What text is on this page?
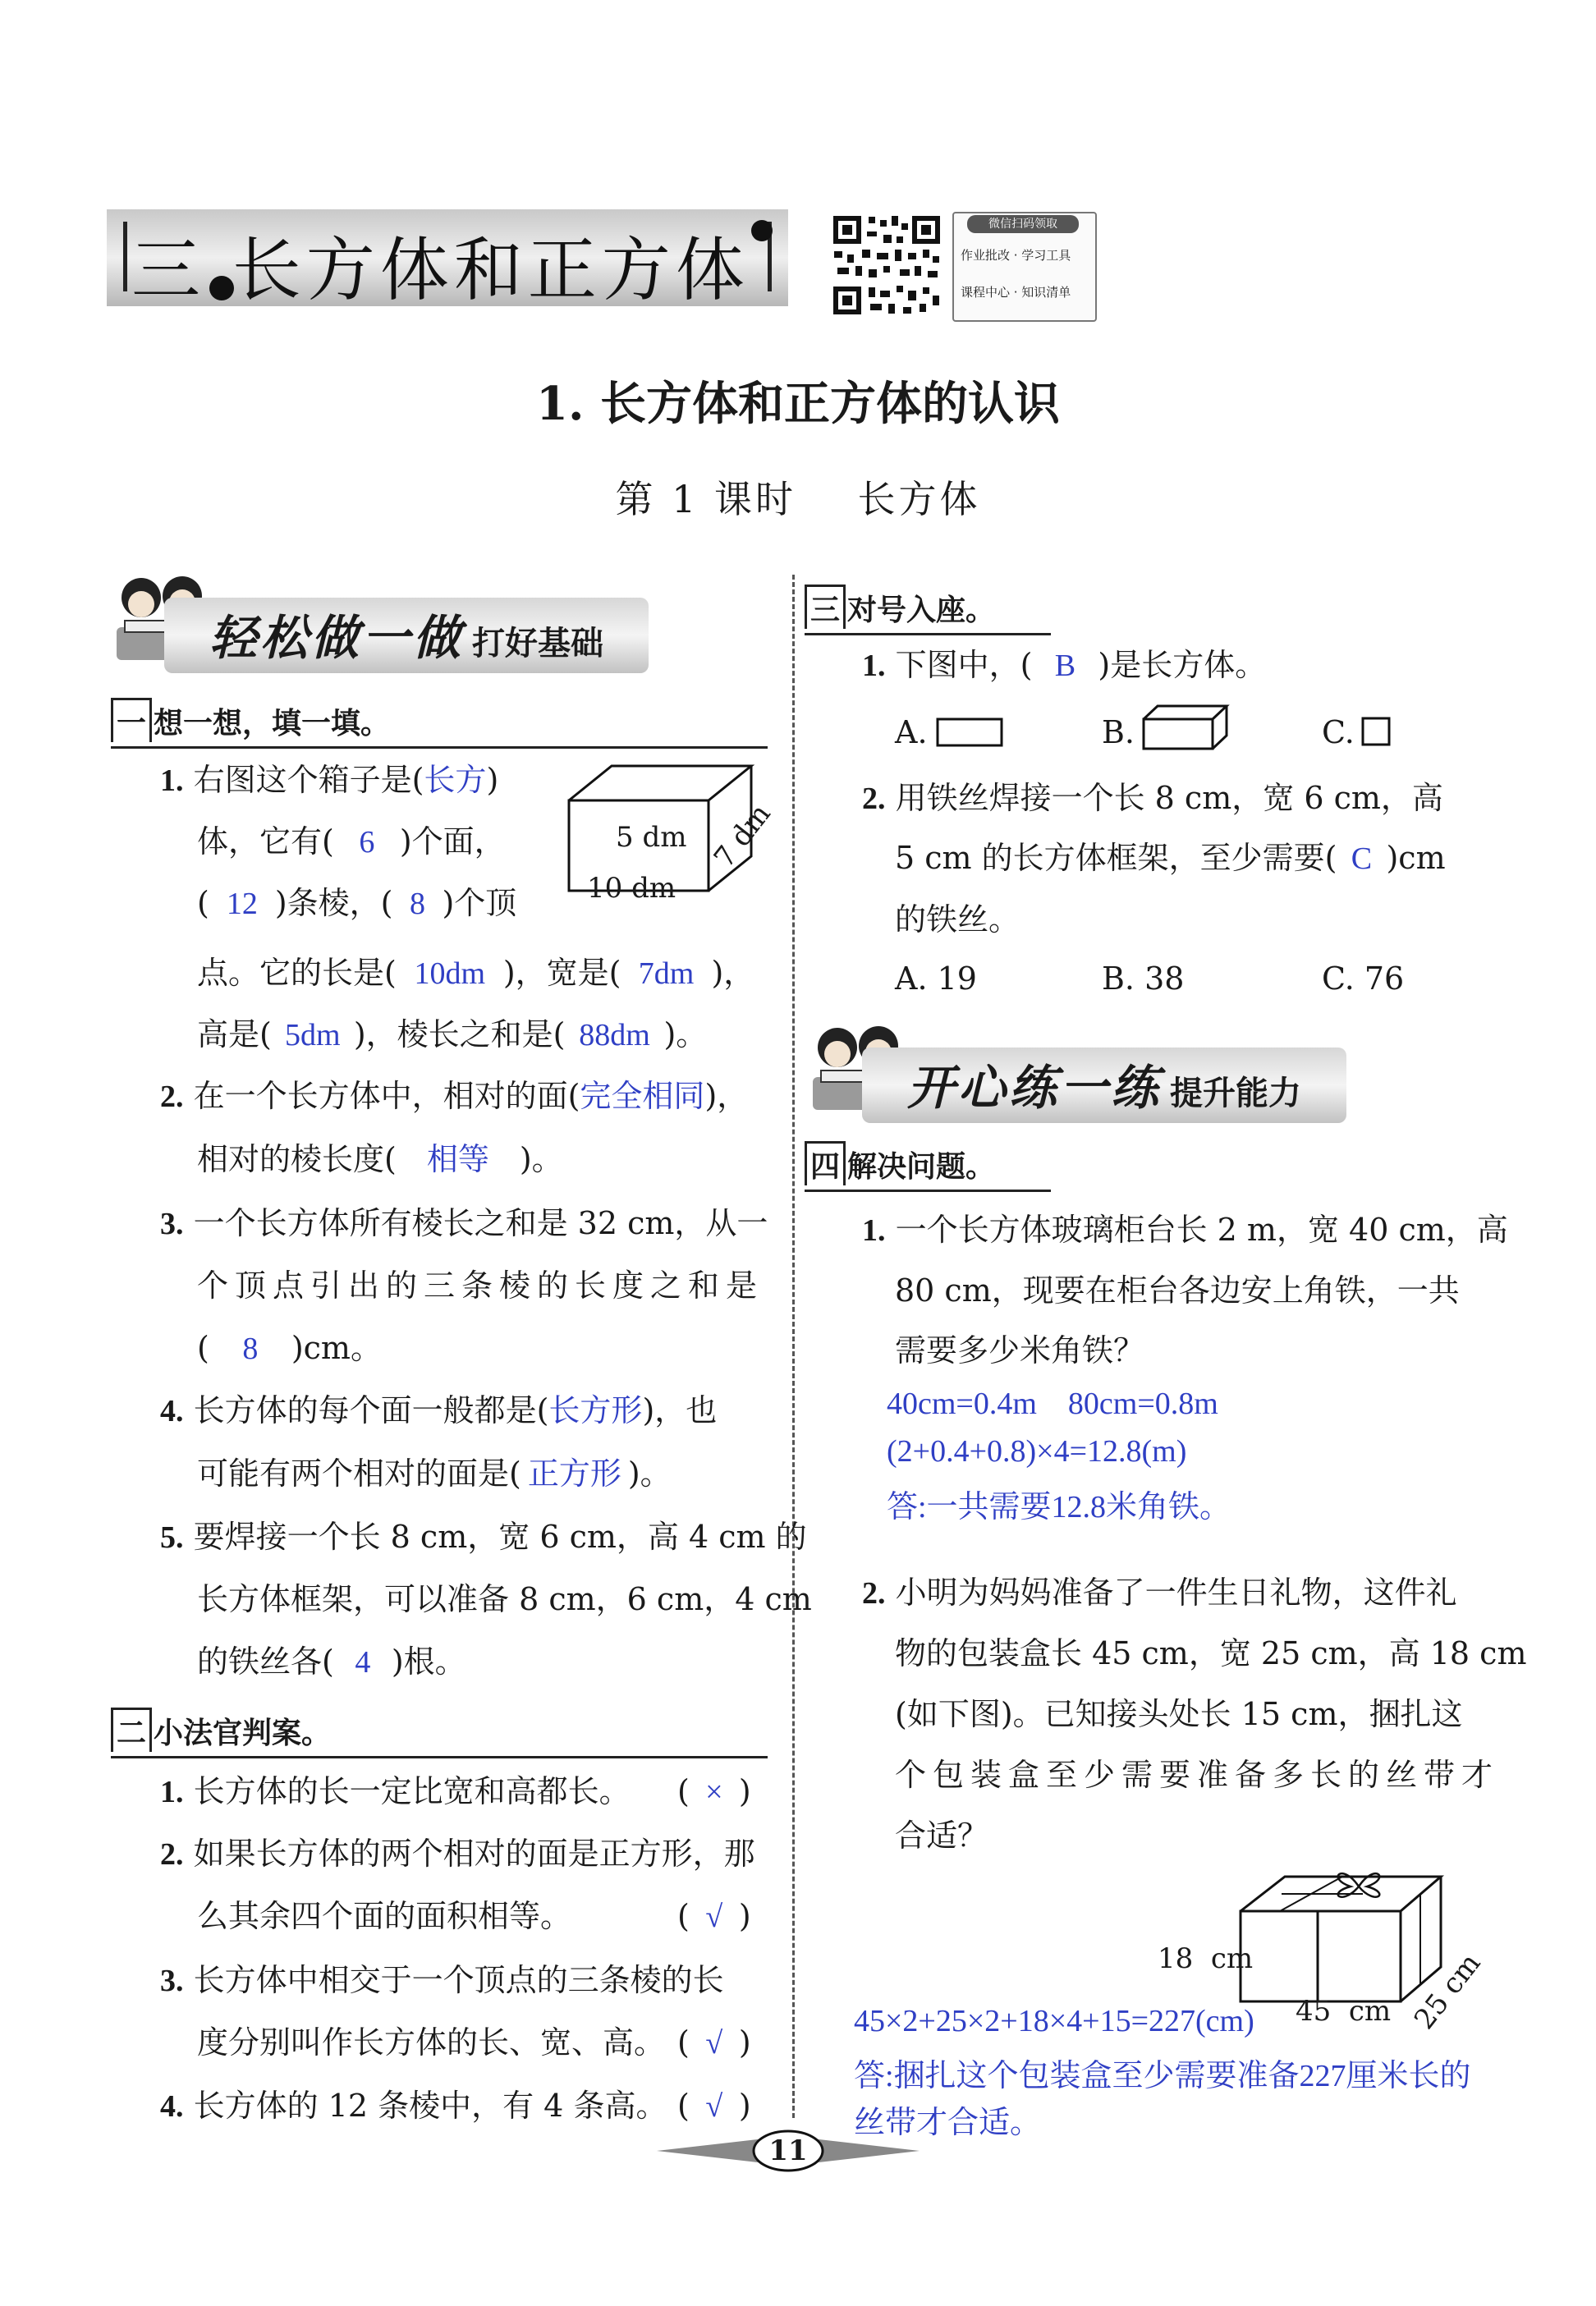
三 长方体和正方体
微信扫码领取
作业批改 · 学习工具
课程中心 · 知识清单
1. 长方体和正方体的认识
第 1 课时    长方体
轻松做一做 打好基础
一 想一想，填一填。
1. 右图这个箱子是(长方)
体，它有( 6 )个面，
( 12 )条棱，( 8 )个顶
点。它的长是( 10dm )，宽是( 7dm )，
高是( 5dm )，棱长之和是( 88dm )。
5 dm
10 dm
7 dm
2. 在一个长方体中，相对的面(完全相同)，
相对的棱长度( 相等 )。
3. 一个长方体所有棱长之和是 32 cm，从一
个顶点引出的三条棱的长度之和是
( 8 )cm。
4. 长方体的每个面一般都是(长方形)，也
可能有两个相对的面是( 正方形 )。
5. 要焊接一个长 8 cm，宽 6 cm，高 4 cm 的
长方体框架，可以准备 8 cm，6 cm，4 cm
的铁丝各( 4 )根。
二 小法官判案。
1. 长方体的长一定比宽和高都长。 ( × )
2. 如果长方体的两个相对的面是正方形，那
么其余四个面的面积相等。	( √ )
3. 长方体中相交于一个顶点的三条棱的长
度分别叫作长方体的长、宽、高。 ( √ )
4. 长方体的 12 条棱中，有 4 条高。 ( √ )
三 对号入座。
1. 下图中，( B )是长方体。
A.	B.	C.
2. 用铁丝焊接一个长 8 cm，宽 6 cm，高
5 cm 的长方体框架，至少需要( C )cm
的铁丝。
A. 19	B. 38	C. 76
开心练一练 提升能力
四 解决问题。
1. 一个长方体玻璃柜台长 2 m，宽 40 cm，高
80 cm，现要在柜台各边安上角铁，一共
需要多少米角铁？
40cm=0.4m    80cm=0.8m
(2+0.4+0.8)×4=12.8(m)
答:一共需要12.8米角铁。
2. 小明为妈妈准备了一件生日礼物，这件礼
物的包装盒长 45 cm，宽 25 cm，高 18 cm
(如下图)。已知接头处长 15 cm，捆扎这
个包装盒至少需要准备多长的丝带才
合适？
18  cm
45  cm 25 cm
45×2+25×2+18×4+15=227(cm)
答:捆扎这个包装盒至少需要准备227厘米长的
丝带才合适。
11
